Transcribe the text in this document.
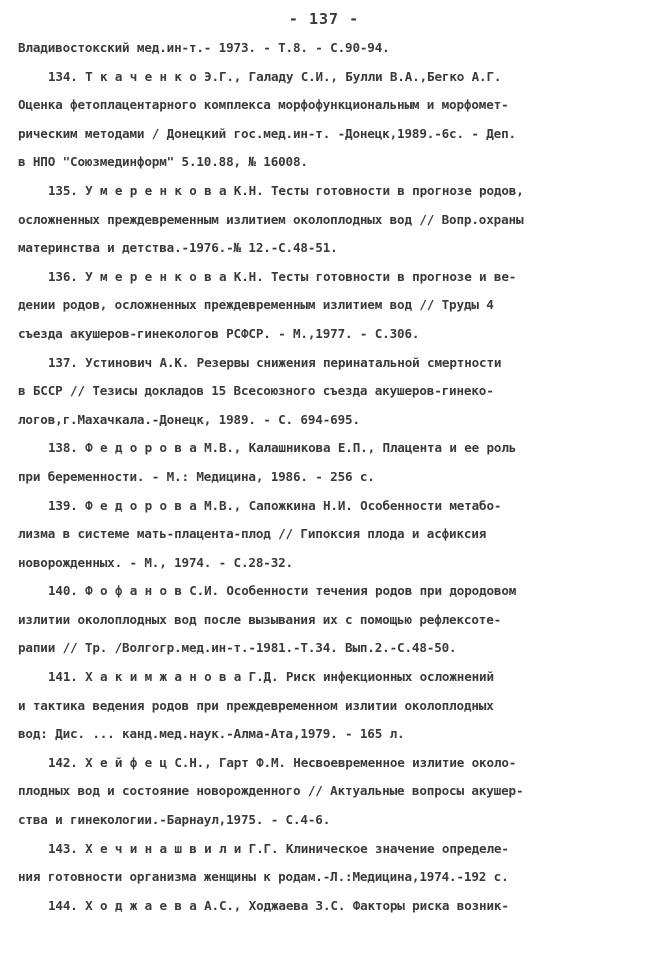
- 137 -
Владивостокский мед.ин-т.- 1973. - Т.8. - С.90-94.
134. Т к а ч е н к о Э.Г., Галаду С.И., Булли В.А.,Бегко А.Г.
Оценка фетоплацентарного комплекса морфофункциональным и морфомет-
рическим методами / Донецкий гос.мед.ин-т. -Донецк,1989.-6с. - Деп.
в НПО "Союзмединформ" 5.10.88, № 16008.
135. У м е р е н к о в а К.Н. Тесты готовности в прогнозе родов,
осложненных преждевременным излитием околоплодных вод // Вопр.охраны
материнства и детства.-1976.-№ 12.-С.48-51.
136. У м е р е н к о в а К.Н. Тесты готовности в прогнозе и ве-
дении родов, осложненных преждевременным излитием вод // Труды 4
съезда акушеров-гинекологов РСФСР. - М.,1977. - С.306.
137. Устинович А.К. Резервы снижения перинатальной смертности
в БССР // Тезисы докладов 15 Всесоюзного съезда акушеров-гинеко-
логов,г.Махачкала.-Донецк, 1989. - С. 694-695.
138. Ф е д о р о в а М.В., Калашникова Е.П., Плацента и ее роль
при беременности. - М.: Медицина, 1986. - 256 с.
139. Ф е д о р о в а М.В., Сапожкина Н.И. Особенности метабо-
лизма в системе мать-плацента-плод // Гипоксия плода и асфиксия
новорожденных. - М., 1974. - С.28-32.
140. Ф о ф а н о в С.И. Особенности течения родов при дородовом
излитии околоплодных вод после вызывания их с помощью рефлексотe-
рапии // Тр. /Волгогр.мед.ин-т.-1981.-Т.34. Вып.2.-С.48-50.
141. Х а к и м ж а н о в а Г.Д. Риск инфекционных осложнений
и тактика ведения родов при преждевременном излитии околоплодных
вод: Дис. ... канд.мед.наук.-Алма-Ата,1979. - 165 л.
142. Х е й ф е ц С.Н., Гарт Ф.М. Несвоевременное излитие около-
плодных вод и состояние новорожденного // Актуальные вопросы акушер-
ства и гинекологии.-Барнаул,1975. - С.4-6.
143. Х е ч и н а ш в и л и Г.Г. Клиническое значение определе-
ния готовности организма женщины к родам.-Л.:Медицина,1974.-192 с.
144. Х о д ж а е в а А.С., Ходжаева З.С. Факторы риска возник-
